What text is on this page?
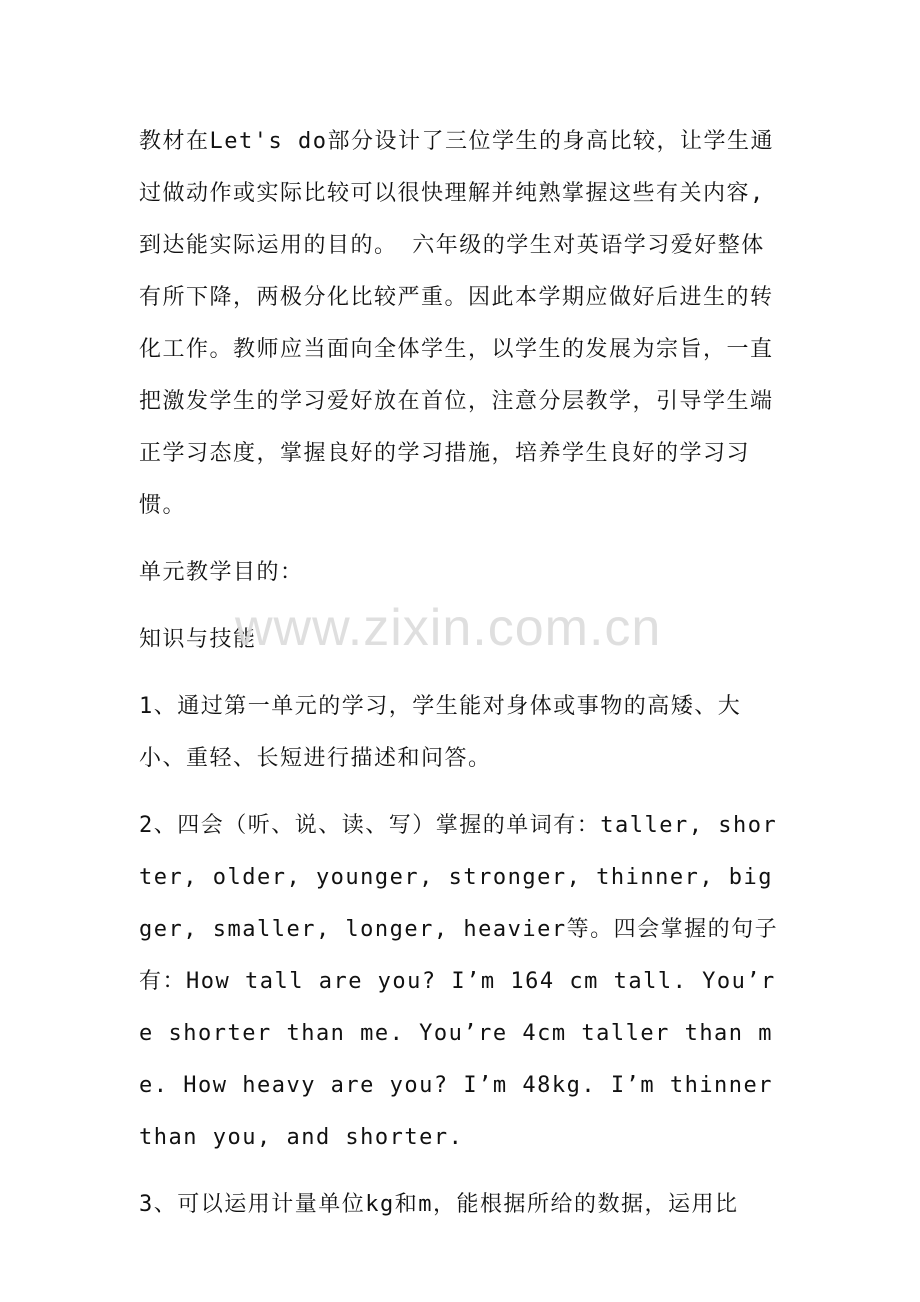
教材在Let's do部分设计了三位学生的身高比较，让学生通过做动作或实际比较可以很快理解并纯熟掌握这些有关内容,到达能实际运用的目的。 六年级的学生对英语学习爱好整体有所下降，两极分化比较严重。因此本学期应做好后进生的转化工作。教师应当面向全体学生，以学生的发展为宗旨，一直把激发学生的学习爱好放在首位，注意分层教学，引导学生端正学习态度，掌握良好的学习措施，培养学生良好的学习习惯。

单元教学目的：

知识与技能

1、通过第一单元的学习，学生能对身体或事物的高矮、大小、重轻、长短进行描述和问答。

2、四会（听、说、读、写）掌握的单词有：taller, shorter, older, younger, stronger, thinner, bigger, smaller, longer, heavier等。四会掌握的句子有：How tall are you? I’m 164 cm tall. You’re shorter than me. You’re 4cm taller than me. How heavy are you? I’m 48kg. I’m thinner than you, and shorter.

3、可以运用计量单位kg和m，能根据所给的数据，运用比

www.zixin.com.cn
